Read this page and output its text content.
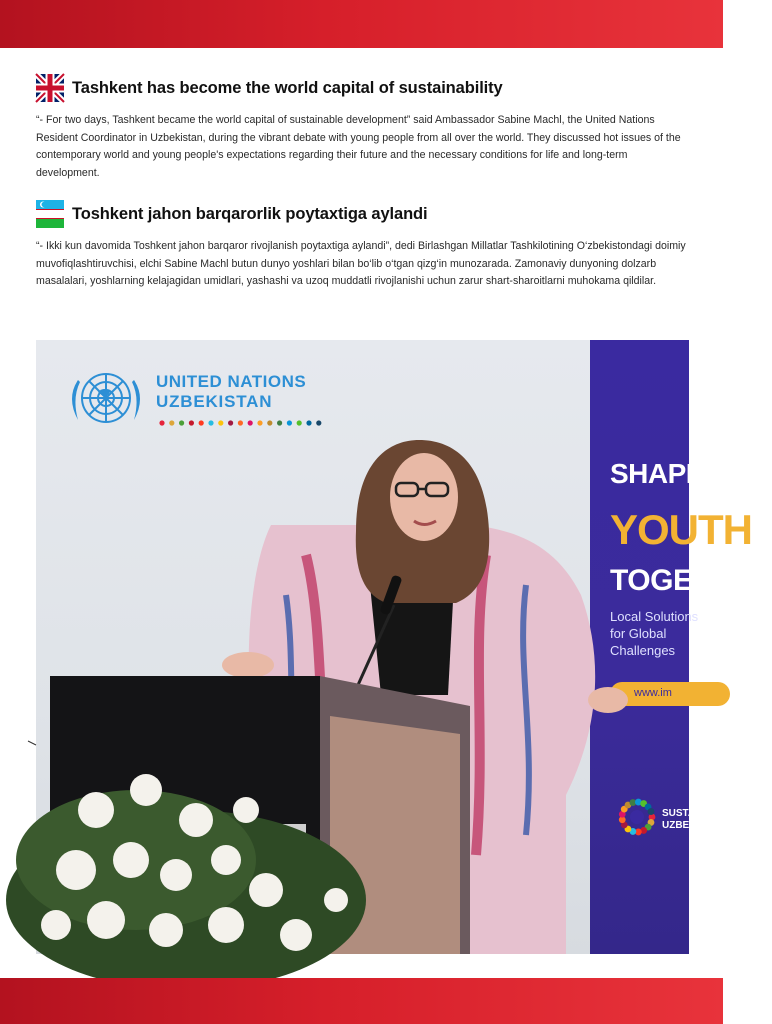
Tashkent has become the world capital of sustainability
“- For two days, Tashkent became the world capital of sustainable development” said Ambassador Sabine Machl, the United Nations Resident Coordinator in Uzbekistan, during the vibrant debate with young people from all over the world. They discussed hot issues of the contemporary world and young people's expectations regarding their future and the necessary conditions for life and long-term development.
Toshkent jahon barqarorlik poytaxtiga aylandi
“- Ikki kun davomida Toshkent jahon barqaror rivojlanish poytaxtiga aylandi”, dedi Birlashgan Millatlar Tashkilotining O‘zbekistondagi doimiy muvofiqlashtiruvchisi, elchi Sabine Machl butun dunyo yoshlari bilan bo‘lib o‘tgan qizg‘in munozarada. Zamonaviy dunyoning dolzarb masalalari, yoshlarning kelajagidan umidlari, yashashi va uzoq muddatli rivojlanishi uchun zarur shart-sharoitlarni muhokama qildilar.
UNITED NATIONS
UZBEKISTAN
SHAPING
YOUTH
TOGETHER
Local Solutions
for Global
Challenges
www.im
SUSTAI
UZBEK
